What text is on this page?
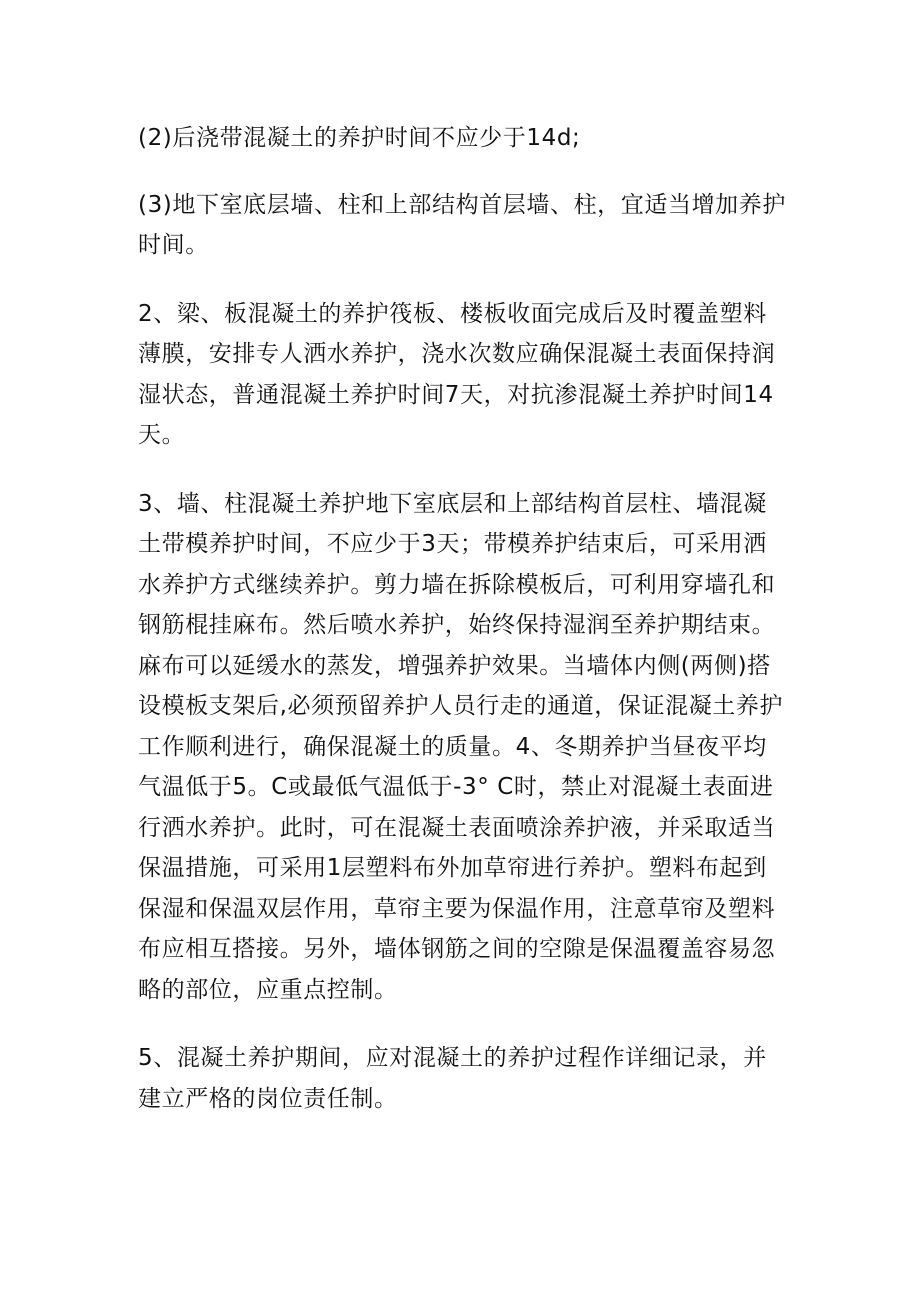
(2)后浇带混凝土的养护时间不应少于14d;

(3)地下室底层墙、柱和上部结构首层墙、柱，宜适当增加养护时间。

2、梁、板混凝土的养护筏板、楼板收面完成后及时覆盖塑料薄膜，安排专人洒水养护，浇水次数应确保混凝土表面保持润湿状态，普通混凝土养护时间7天，对抗渗混凝土养护时间14天。

3、墙、柱混凝土养护地下室底层和上部结构首层柱、墙混凝土带模养护时间，不应少于3天；带模养护结束后，可采用洒水养护方式继续养护。剪力墙在拆除模板后，可利用穿墙孔和钢筋棍挂麻布。然后喷水养护，始终保持湿润至养护期结束。麻布可以延缓水的蒸发，增强养护效果。当墙体内侧(两侧)搭设模板支架后,必须预留养护人员行走的通道，保证混凝土养护工作顺利进行，确保混凝土的质量。4、冬期养护当昼夜平均气温低于5。C或最低气温低于-3° C时，禁止对混凝土表面进行洒水养护。此时，可在混凝土表面喷涂养护液，并采取适当保温措施，可采用1层塑料布外加草帘进行养护。塑料布起到保湿和保温双层作用，草帘主要为保温作用，注意草帘及塑料布应相互搭接。另外，墙体钢筋之间的空隙是保温覆盖容易忽略的部位，应重点控制。

5、混凝土养护期间，应对混凝土的养护过程作详细记录，并建立严格的岗位责任制。
